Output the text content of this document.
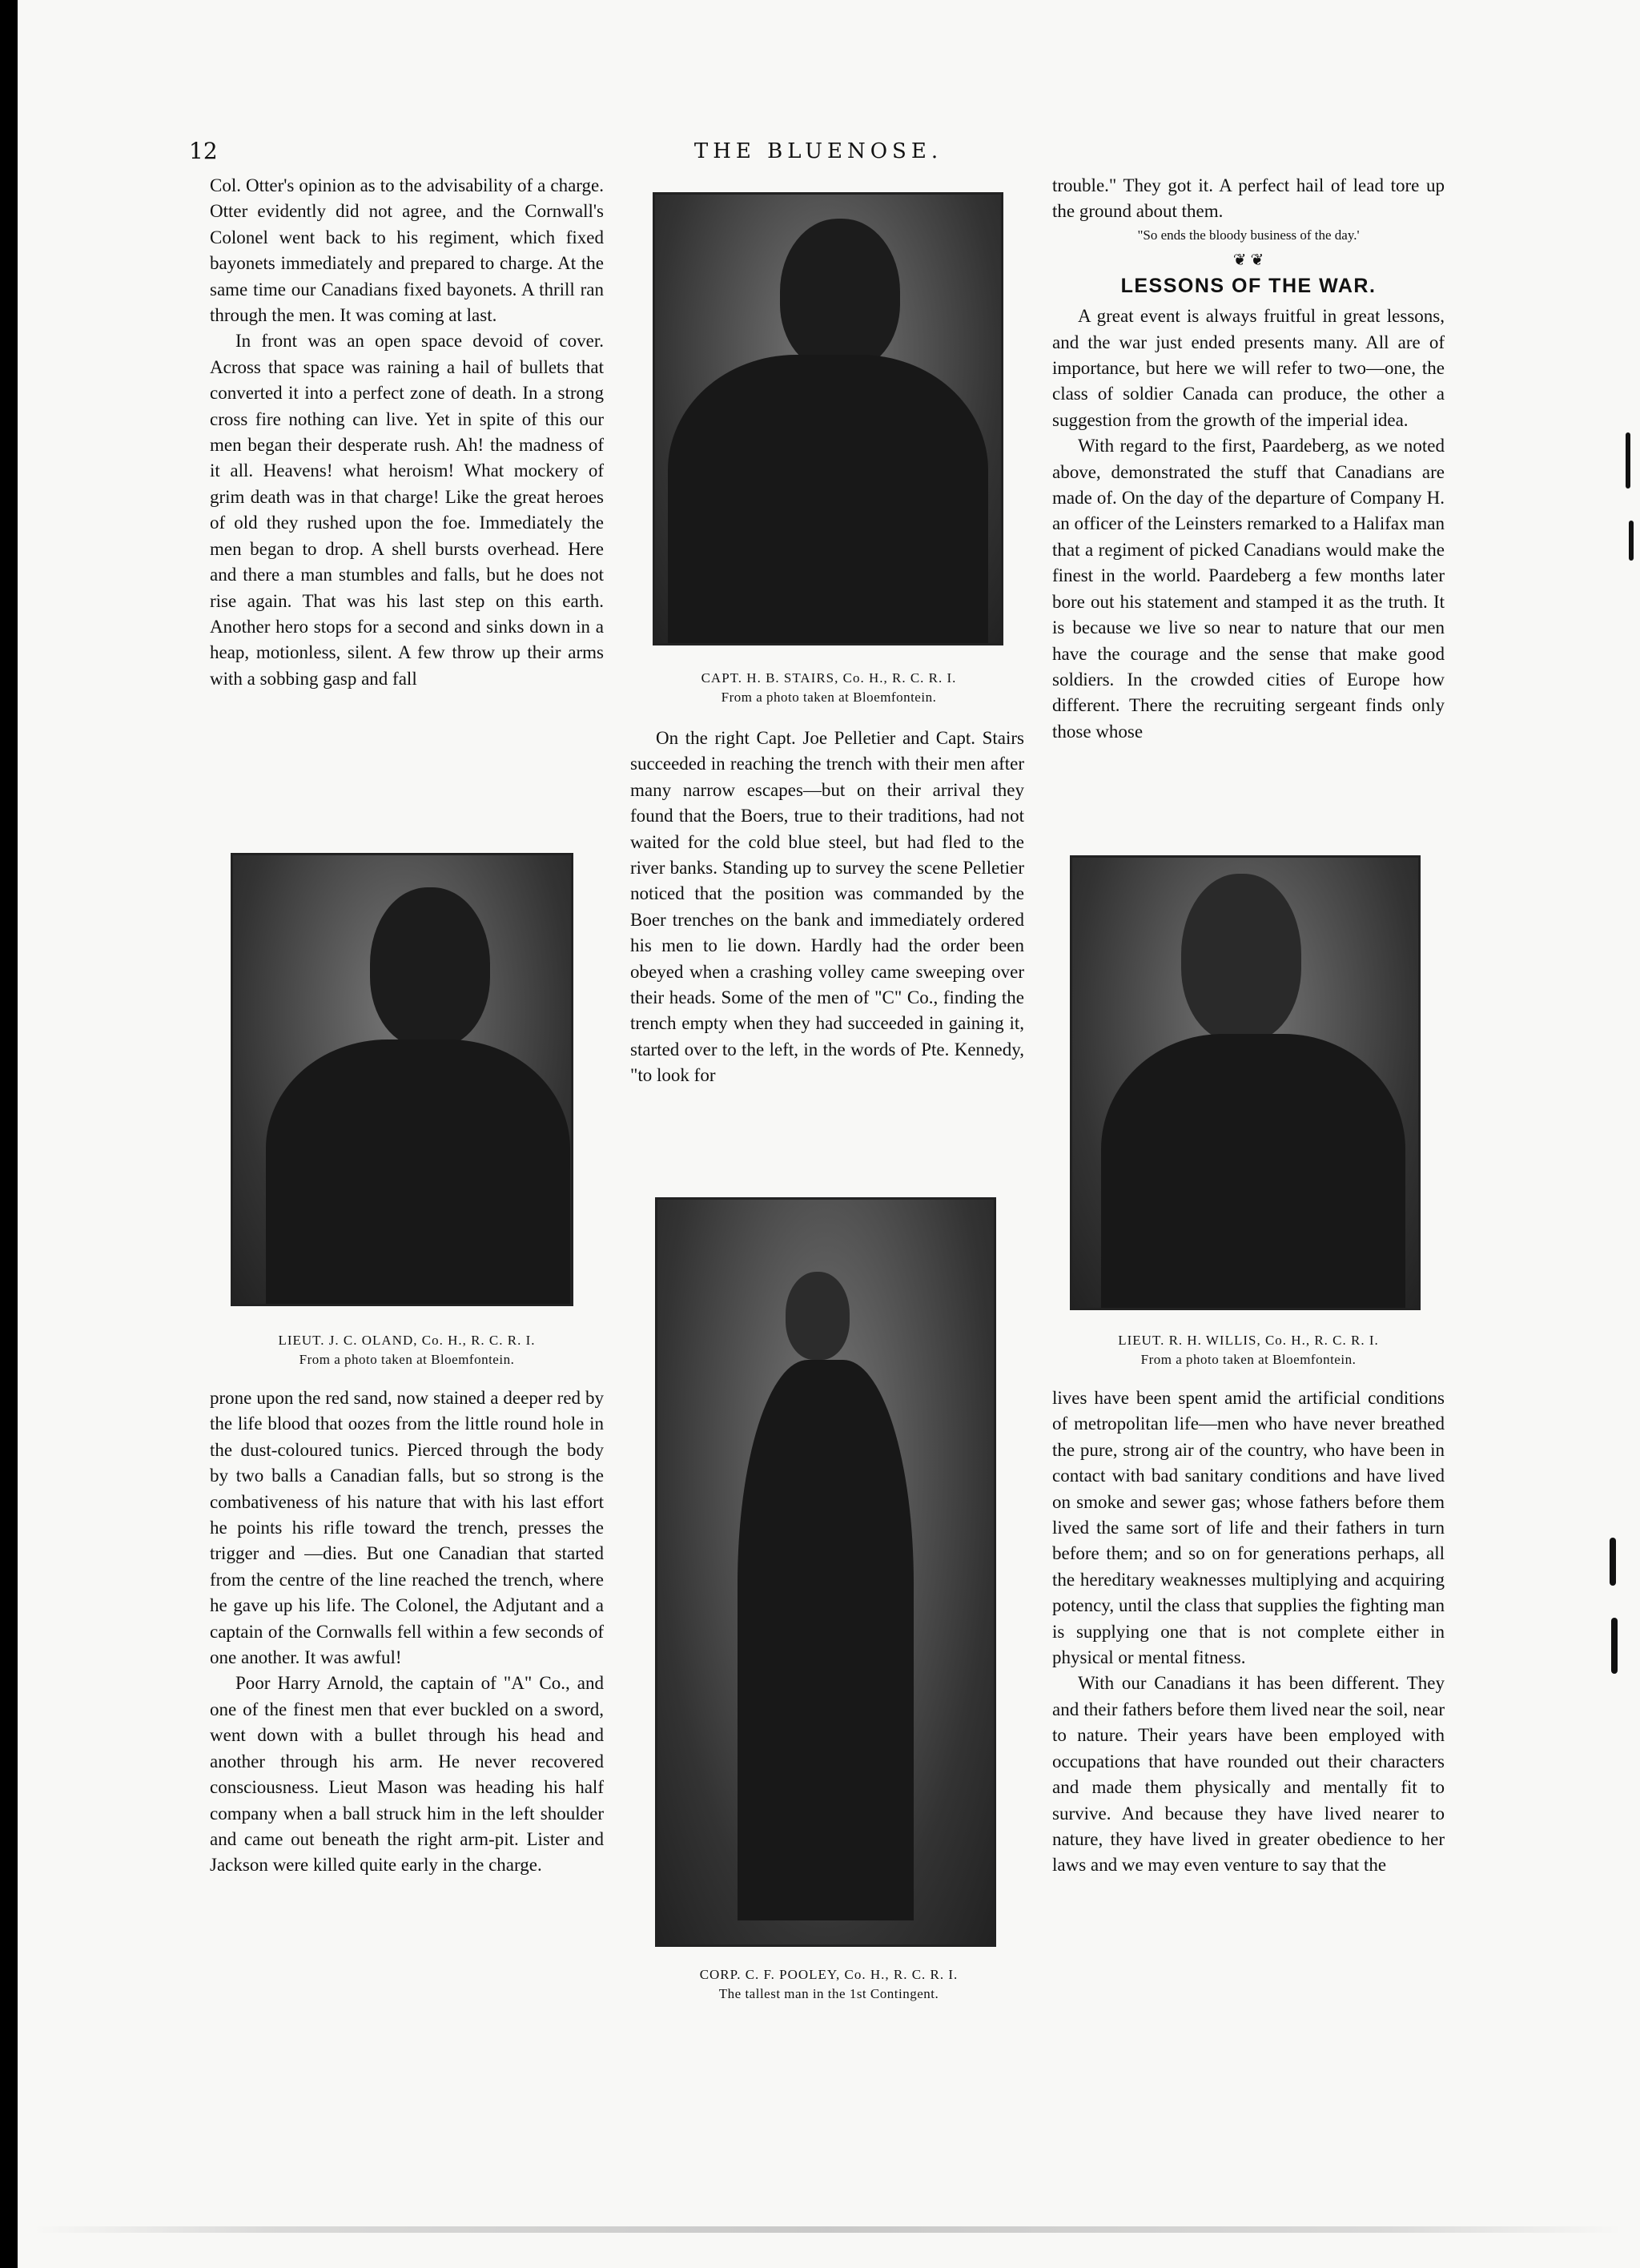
12	THE BLUENOSE.

Col. Otter's opinion as to the advisability of a charge. Otter evidently did not agree, and the Cornwall's Colonel went back to his regiment, which fixed bayonets immediately and prepared to charge. At the same time our Canadians fixed bayonets. A thrill ran through the men. It was coming at last.

In front was an open space devoid of cover. Across that space was raining a hail of bullets that converted it into a perfect zone of death. In a strong cross fire nothing can live. Yet in spite of this our men began their desperate rush. Ah! the madness of it all. Heavens! what heroism! What mockery of grim death was in that charge! Like the great heroes of old they rushed upon the foe. Immediately the men began to drop. A shell bursts overhead. Here and there a man stumbles and falls, but he does not rise again. That was his last step on this earth. Another hero stops for a second and sinks down in a heap, motionless, silent. A few throw up their arms with a sobbing gasp and fall	CAPT. H. B. STAIRS, Co. H., R. C. R. I.
From a photo taken at Bloemfontein.

trouble." They got it. A perfect hail of lead tore up the ground about them.

"So ends the bloody business of the day.'
❦ ❦
LESSONS OF THE WAR.

A great event is always fruitful in great lessons, and the war just ended presents many. All are of importance, but here we will refer to two—one, the class of soldier Canada can produce, the other a suggestion from the growth of the imperial idea.

With regard to the first, Paardeberg, as we noted above, demonstrated the stuff that Canadians are made of. On the day of the departure of Company H. an officer of the Leinsters remarked to a Halifax man that a regiment of picked Canadians would make the finest in the world. Paardeberg a few months later bore out his statement and stamped it as the truth. It is because we live so near to nature that our men have the courage and the sense that make good soldiers. In the crowded cities of Europe how different. There the recruiting sergeant finds only those whose

LIEUT. J. C. OLAND, Co. H., R. C. R. I.
From a photo taken at Bloemfontein.

On the right Capt. Joe Pelletier and Capt. Stairs succeeded in reaching the trench with their men after many narrow escapes—but on their arrival they found that the Boers, true to their traditions, had not waited for the cold blue steel, but had fled to the river banks. Standing up to survey the scene Pelletier noticed that the position was commanded by the Boer trenches on the bank and immediately ordered his men to lie down. Hardly had the order been obeyed when a crashing volley came sweeping over their heads. Some of the men of "C" Co., finding the trench empty when they had succeeded in gaining it, started over to the left, in the words of Pte. Kennedy, "to look for

LIEUT. R. H. WILLIS, Co. H., R. C. R. I.
From a photo taken at Bloemfontein.
CORP. C. F. POOLEY, Co. H., R. C. R. I.
The tallest man in the 1st Contingent.

prone upon the red sand, now stained a deeper red by the life blood that oozes from the little round hole in the dust-coloured tunics. Pierced through the body by two balls a Canadian falls, but so strong is the combativeness of his nature that with his last effort he points his rifle toward the trench, presses the trigger and —dies. But one Canadian that started from the centre of the line reached the trench, where he gave up his life. The Colonel, the Adjutant and a captain of the Cornwalls fell within a few seconds of one another. It was awful!

Poor Harry Arnold, the captain of "A" Co., and one of the finest men that ever buckled on a sword, went down with a bullet through his head and another through his arm. He never recovered consciousness. Lieut Mason was heading his half company when a ball struck him in the left shoulder and came out beneath the right arm-pit. Lister and Jackson were killed quite early in the charge.

lives have been spent amid the artificial conditions of metropolitan life—men who have never breathed the pure, strong air of the country, who have been in contact with bad sanitary conditions and have lived on smoke and sewer gas; whose fathers before them lived the same sort of life and their fathers in turn before them; and so on for generations perhaps, all the hereditary weaknesses multiplying and acquiring potency, until the class that supplies the fighting man is supplying one that is not complete either in physical or mental fitness.

With our Canadians it has been different. They and their fathers before them lived near the soil, near to nature. Their years have been employed with occupations that have rounded out their characters and made them physically and mentally fit to survive. And because they have lived nearer to nature, they have lived in greater obedience to her laws and we may even venture to say that the
